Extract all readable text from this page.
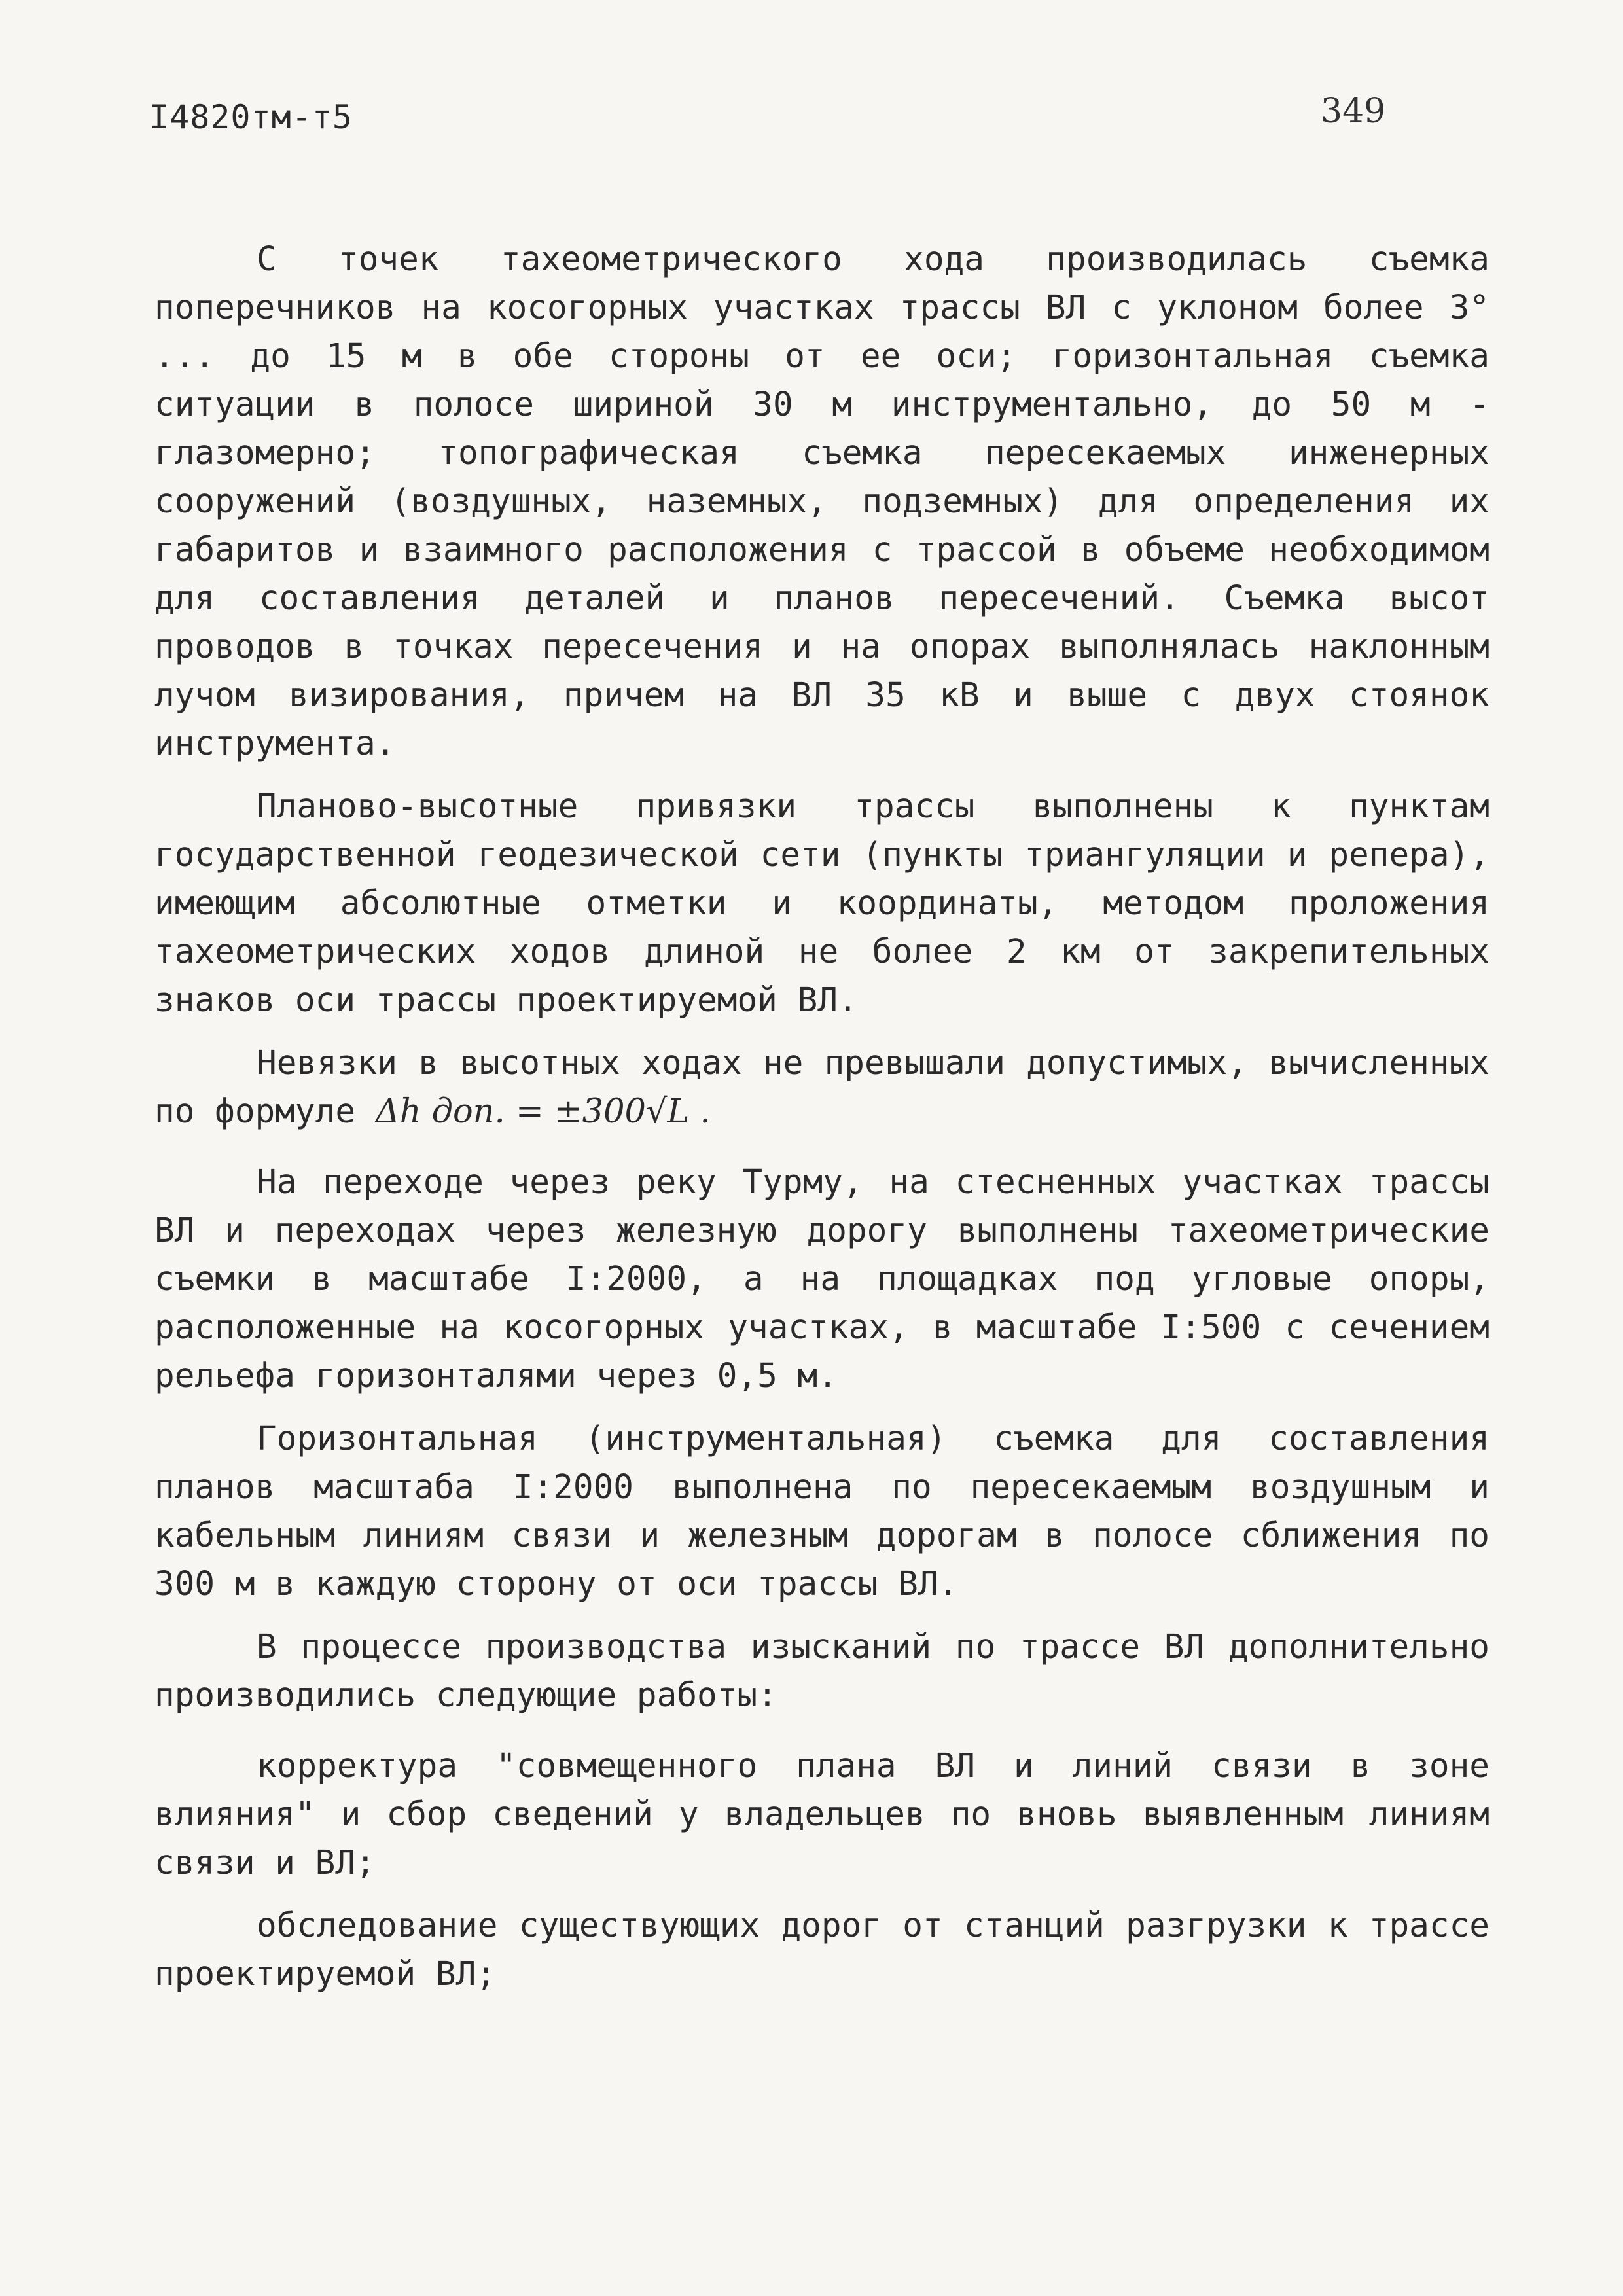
I4820тм-т5	349

С точек тахеометрического хода производилась съемка поперечников на косогорных участках трассы ВЛ с уклоном более 3° ... до 15 м в обе стороны от ее оси; горизонтальная съемка ситуации в полосе шириной 30 м инструментально, до 50 м - глазомерно; топографическая съемка пересекаемых инженерных сооружений (воздушных, наземных, подземных) для определения их габаритов и взаимного расположения с трассой в объеме необходимом для составления деталей и планов пересечений. Съемка высот проводов в точках пересечения и на опорах выполнялась наклонным лучом визирования, причем на ВЛ 35 кВ и выше с двух стоянок инструмента.

Планово-высотные привязки трассы выполнены к пунктам государственной геодезической сети (пункты триангуляции и репера), имеющим абсолютные отметки и координаты, методом проложения тахеометрических ходов длиной не более 2 км от закрепительных знаков оси трассы проектируемой ВЛ.

Невязки в высотных ходах не превышали допустимых, вычисленных по формуле Δh доп. = ±300√L .

На переходе через реку Турму, на стесненных участках трассы ВЛ и переходах через железную дорогу выполнены тахеометрические съемки в масштабе I:2000, а на площадках под угловые опоры, расположенные на косогорных участках, в масштабе I:500 с сечением рельефа горизонталями через 0,5 м.

Горизонтальная (инструментальная) съемка для составления планов масштаба I:2000 выполнена по пересекаемым воздушным и кабельным линиям связи и железным дорогам в полосе сближения по 300 м в каждую сторону от оси трассы ВЛ.

В процессе производства изысканий по трассе ВЛ дополнительно производились следующие работы:

корректура "совмещенного плана ВЛ и линий связи в зоне влияния" и сбор сведений у владельцев по вновь выявленным линиям связи и ВЛ;

обследование существующих дорог от станций разгрузки к трассе проектируемой ВЛ;
